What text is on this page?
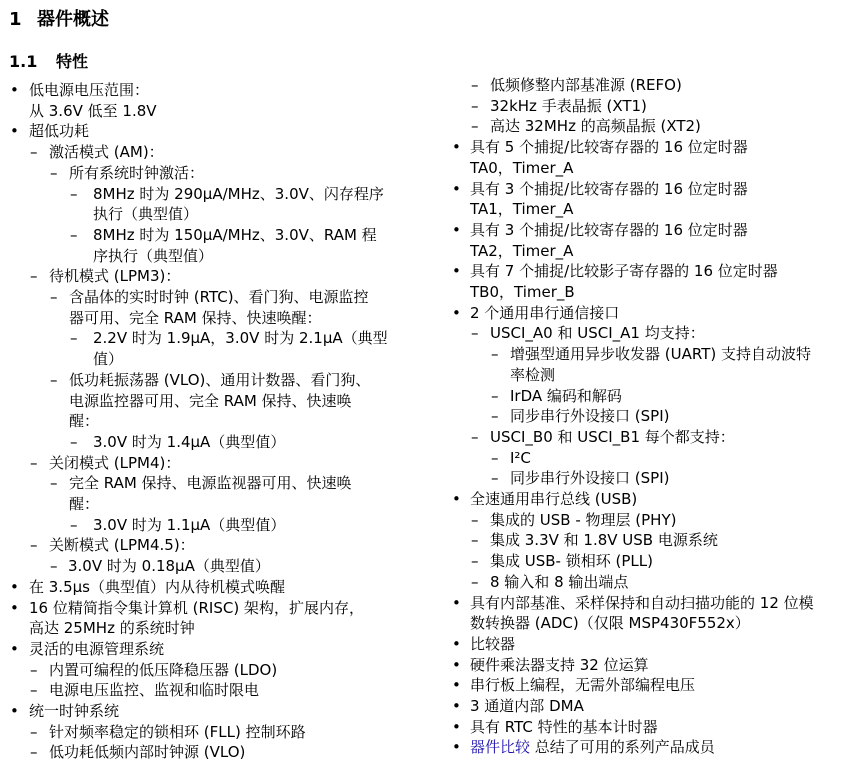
1 器件概述
1.1 特性
• 低电源电压范围：
从 3.6V 低至 1.8V
• 超低功耗
– 激活模式 (AM)：
– 所有系统时钟激活：
– 8MHz 时为 290μA/MHz、3.0V、闪存程序
执行（典型值）
– 8MHz 时为 150μA/MHz、3.0V、RAM 程
序执行（典型值）
– 待机模式 (LPM3)：
– 含晶体的实时时钟 (RTC)、看门狗、电源监控
器可用、完全 RAM 保持、快速唤醒：
– 2.2V 时为 1.9μA，3.0V 时为 2.1μA（典型
值）
– 低功耗振荡器 (VLO)、通用计数器、看门狗、
电源监控器可用、完全 RAM 保持、快速唤
醒：
– 3.0V 时为 1.4μA（典型值）
– 关闭模式 (LPM4)：
– 完全 RAM 保持、电源监视器可用、快速唤
醒：
– 3.0V 时为 1.1μA（典型值）
– 关断模式 (LPM4.5)：
– 3.0V 时为 0.18μA（典型值）
• 在 3.5μs（典型值）内从待机模式唤醒
• 16 位精简指令集计算机 (RISC) 架构，扩展内存，
高达 25MHz 的系统时钟
• 灵活的电源管理系统
– 内置可编程的低压降稳压器 (LDO)
– 电源电压监控、监视和临时限电
• 统一时钟系统
– 针对频率稳定的锁相环 (FLL) 控制环路
– 低功耗低频内部时钟源 (VLO)
– 低频修整内部基准源 (REFO)
– 32kHz 手表晶振 (XT1)
– 高达 32MHz 的高频晶振 (XT2)
• 具有 5 个捕捉/比较寄存器的 16 位定时器
TA0，Timer_A
• 具有 3 个捕捉/比较寄存器的 16 位定时器
TA1，Timer_A
• 具有 3 个捕捉/比较寄存器的 16 位定时器
TA2，Timer_A
• 具有 7 个捕捉/比较影子寄存器的 16 位定时器
TB0，Timer_B
• 2 个通用串行通信接口
– USCI_A0 和 USCI_A1 均支持：
– 增强型通用异步收发器 (UART) 支持自动波特
率检测
– IrDA 编码和解码
– 同步串行外设接口 (SPI)
– USCI_B0 和 USCI_B1 每个都支持：
– I²C
– 同步串行外设接口 (SPI)
• 全速通用串行总线 (USB)
– 集成的 USB - 物理层 (PHY)
– 集成 3.3V 和 1.8V USB 电源系统
– 集成 USB- 锁相环 (PLL)
– 8 输入和 8 输出端点
• 具有内部基准、采样保持和自动扫描功能的 12 位模
数转换器 (ADC)（仅限 MSP430F552x）
• 比较器
• 硬件乘法器支持 32 位运算
• 串行板上编程，无需外部编程电压
• 3 通道内部 DMA
• 具有 RTC 特性的基本计时器
• 器件比较 总结了可用的系列产品成员
